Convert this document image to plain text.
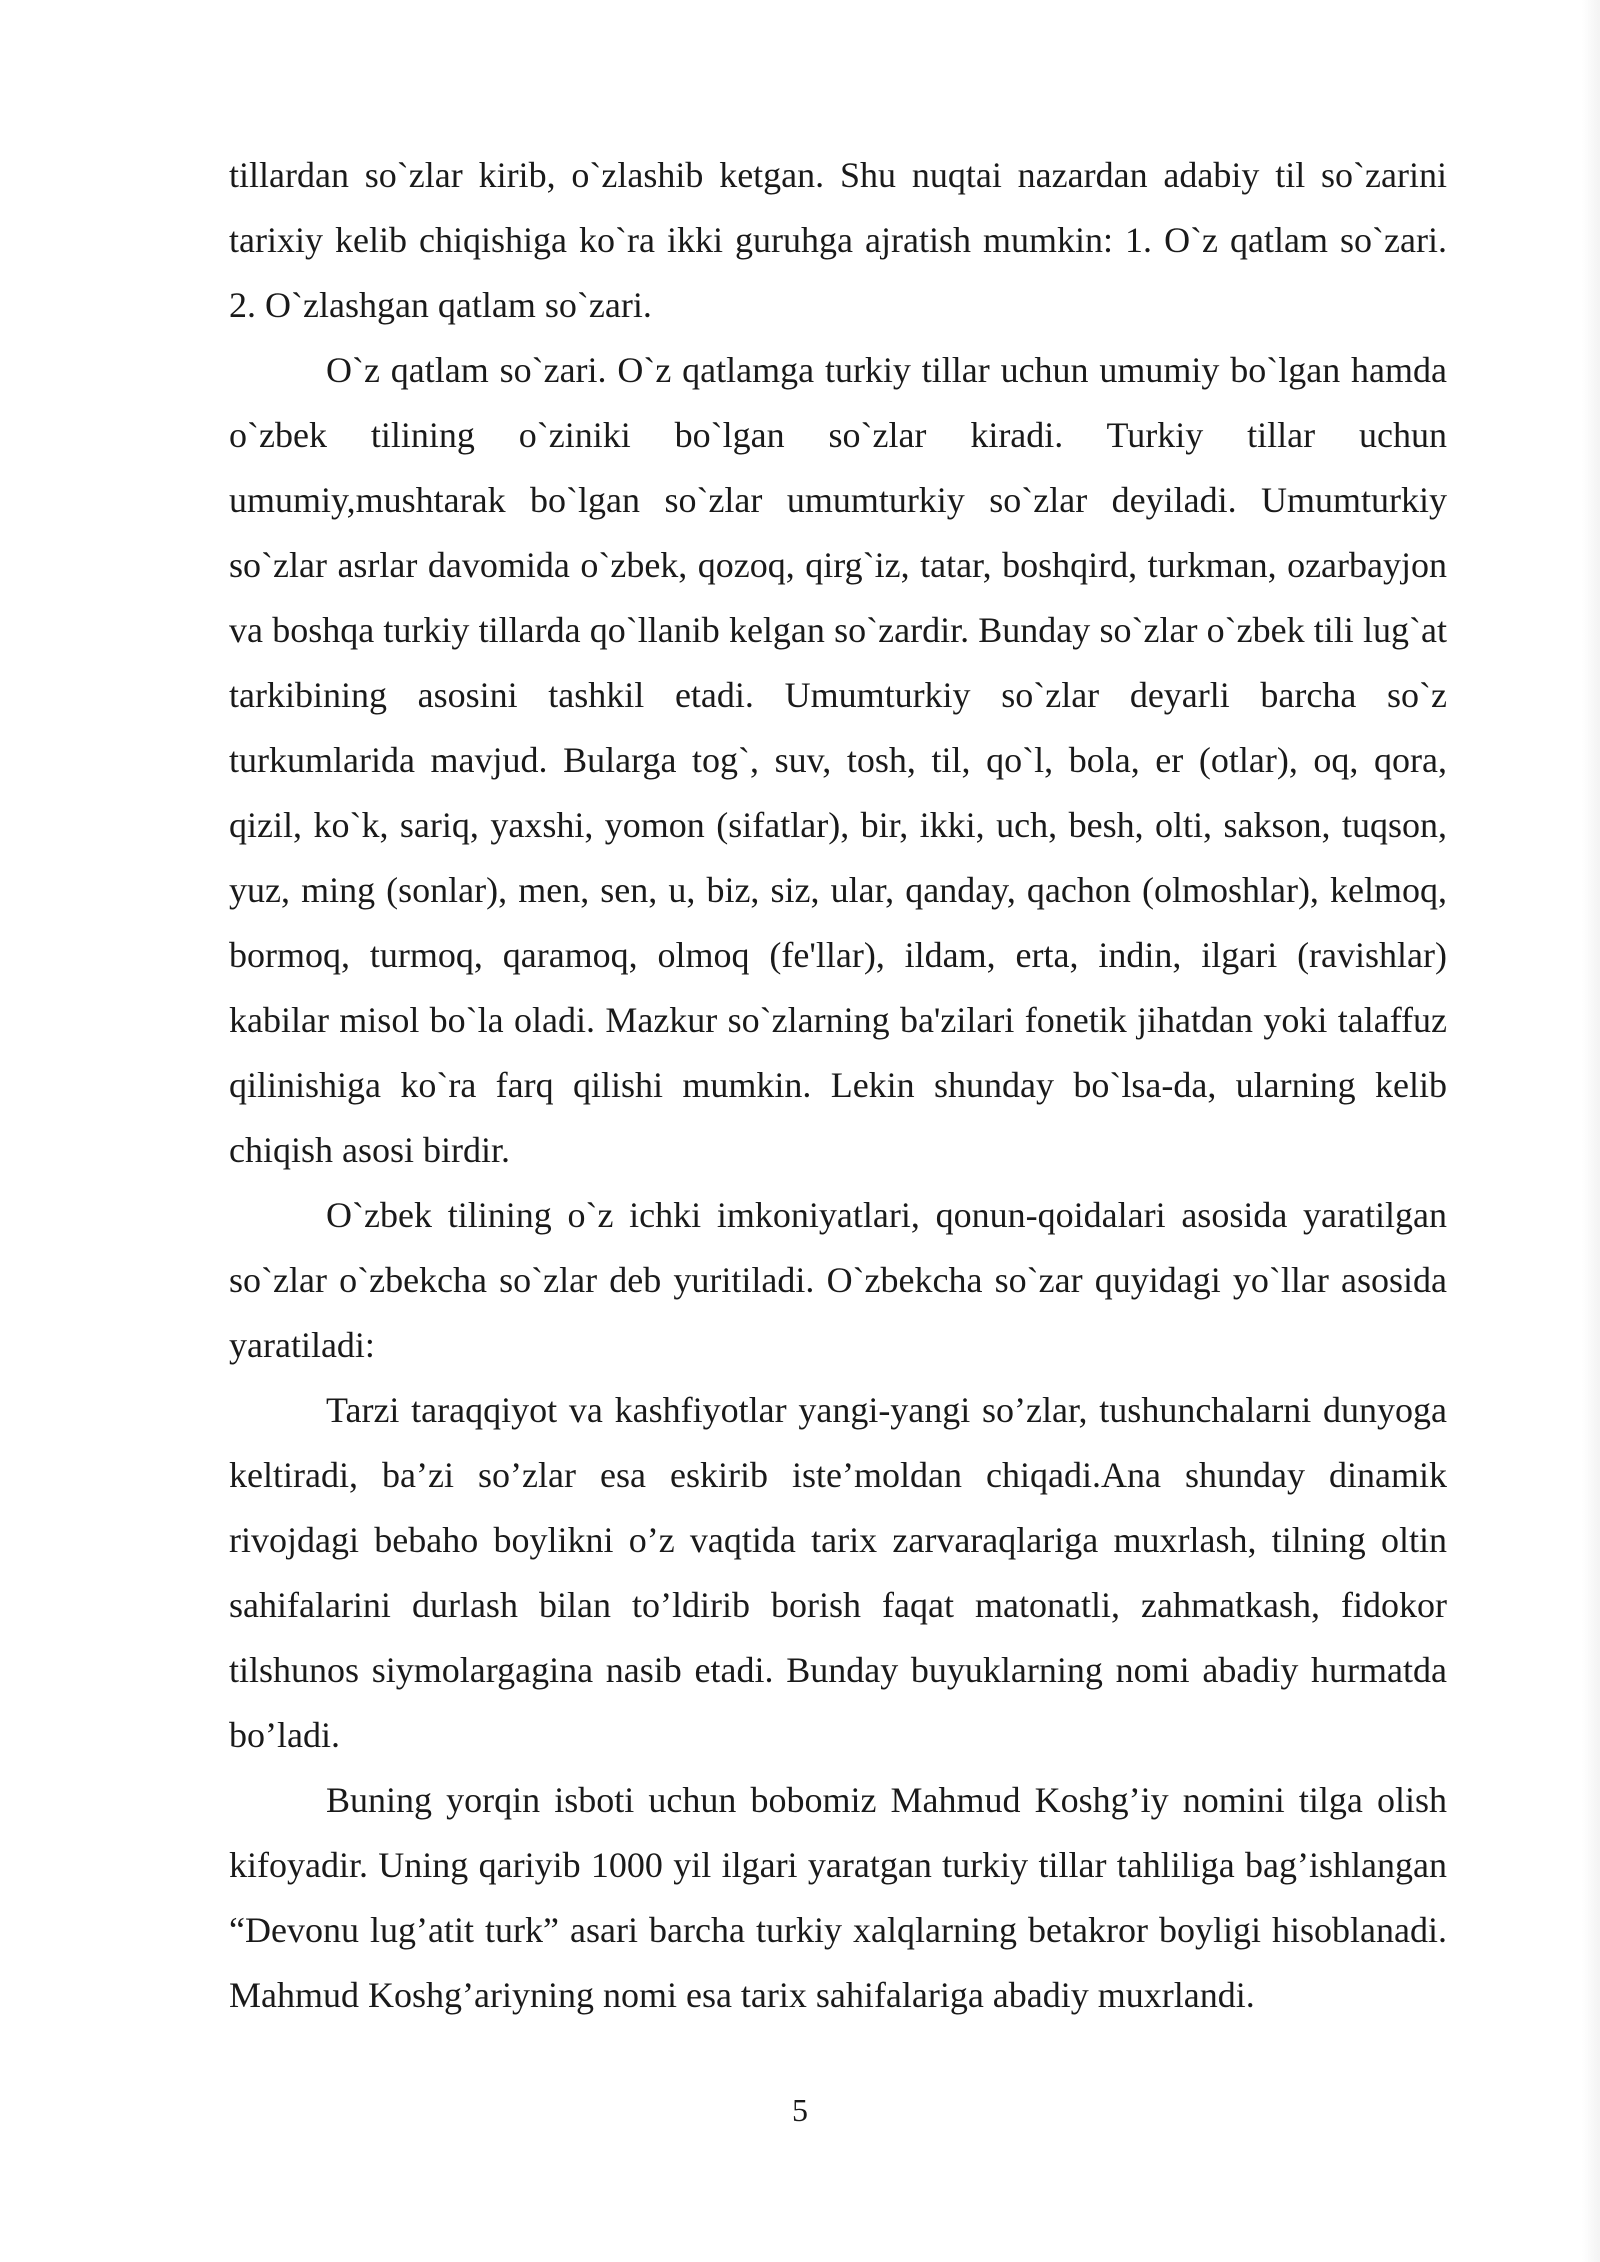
tillardan so`zlar kirib, o`zlashib ketgan. Shu nuqtai nazardan adabiy til so`zarini tarixiy kelib chiqishiga ko`ra ikki guruhga ajratish mumkin: 1. O`z qatlam so`zari. 2. O`zlashgan qatlam so`zari.

O`z qatlam so`zari. O`z qatlamga turkiy tillar uchun umumiy bo`lgan hamda o`zbek tilining o`ziniki bo`lgan so`zlar kiradi. Turkiy tillar uchun umumiy,mushtarak bo`lgan so`zlar umumturkiy so`zlar deyiladi. Umumturkiy so`zlar asrlar davomida o`zbek, qozoq, qirg`iz, tatar, boshqird, turkman, ozarbayjon va boshqa turkiy tillarda qo`llanib kelgan so`zardir. Bunday so`zlar o`zbek tili lug`at tarkibining asosini tashkil etadi. Umumturkiy so`zlar deyarli barcha so`z turkumlarida mavjud. Bularga tog`, suv, tosh, til, qo`l, bola, er (otlar), oq, qora, qizil, ko`k, sariq, yaxshi, yomon (sifatlar), bir, ikki, uch, besh, olti, sakson, tuqson, yuz, ming (sonlar), men, sen, u, biz, siz, ular, qanday, qachon (olmoshlar), kelmoq, bormoq, turmoq, qaramoq, olmoq (fe'llar), ildam, erta, indin, ilgari (ravishlar) kabilar misol bo`la oladi. Mazkur so`zlarning ba'zilari fonetik jihatdan yoki talaffuz qilinishiga ko`ra farq qilishi mumkin. Lekin shunday bo`lsa-da, ularning kelib chiqish asosi birdir.

O`zbek tilining o`z ichki imkoniyatlari, qonun-qoidalari asosida yaratilgan so`zlar o`zbekcha so`zlar deb yuritiladi. O`zbekcha so`zar quyidagi yo`llar asosida yaratiladi:

Tarzi taraqqiyot va kashfiyotlar yangi-yangi so’zlar, tushunchalarni dunyoga keltiradi, ba’zi so’zlar esa eskirib iste’moldan chiqadi.Ana shunday dinamik rivojdagi bebaho boylikni o’z vaqtida tarix zarvaraqlariga muxrlash, tilning oltin sahifalarini durlash bilan to’ldirib borish faqat matonatli, zahmatkash, fidokor tilshunos siymolargagina nasib etadi. Bunday buyuklarning nomi abadiy hurmatda bo’ladi.

Buning yorqin isboti uchun bobomiz Mahmud Koshg’iy nomini tilga olish kifoyadir. Uning qariyib 1000 yil ilgari yaratgan turkiy tillar tahliliga bag’ishlangan “Devonu lug’atit turk” asari barcha turkiy xalqlarning betakror boyligi hisoblanadi. Mahmud Koshg’ariyning nomi esa tarix sahifalariga abadiy muxrlandi.

5
